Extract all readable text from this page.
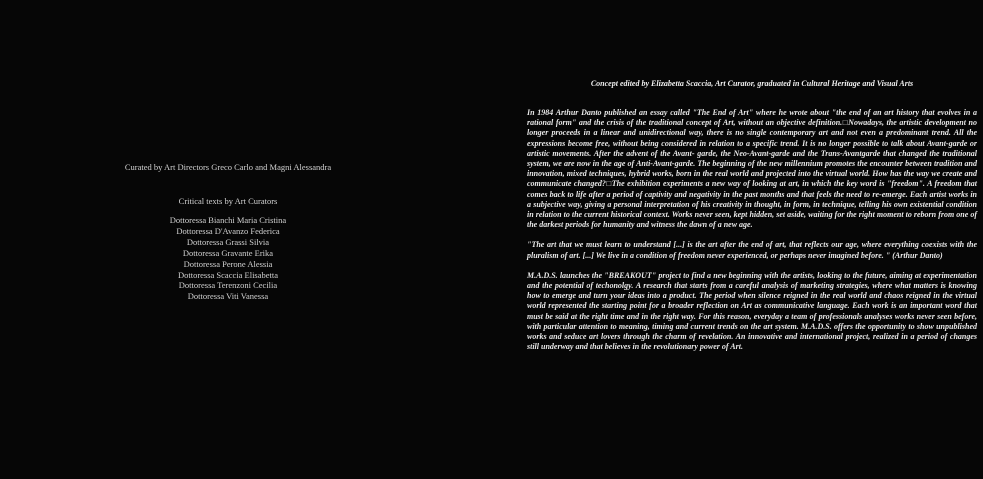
Curated by Art Directors Greco Carlo and Magni Alessandra
Critical texts by Art Curators
Dottoressa Bianchi Maria Cristina
Dottoressa D'Avanzo Federica
Dottoressa Grassi Silvia
Dottoressa Gravante Erika
Dottoressa Perone Alessia
Dottoressa Scaccia Elisabetta
Dottoressa Terenzoni Cecilia
Dottoressa Viti Vanessa
Concept edited by Elizabetta Scaccia, Art Curator, graduated in Cultural Heritage and Visual Arts

In 1984 Arthur Danto published an essay called "The End of Art" where he wrote about "the end of an art history that evolves in a rational form" and the crisis of the traditional concept of Art, without an objective definition.□Nowadays, the artistic development no longer proceeds in a linear and unidirectional way, there is no single contemporary art and not even a predominant trend. All the expressions become free, without being considered in relation to a specific trend. It is no longer possible to talk about Avant-garde or artistic movements. After the advent of the Avant- garde, the Neo-Avant-garde and the Trans-Avantgarde that changed the traditional system, we are now in the age of Anti-Avant-garde. The beginning of the new millennium promotes the encounter between tradition and innovation, mixed techniques, hybrid works, born in the real world and projected into the virtual world. How has the way we create and communicate changed?□The exhibition experiments a new way of looking at art, in which the key word is "freedom". A freedom that comes back to life after a period of captivity and negativity in the past months and that feels the need to re-emerge. Each artist works in a subjective way, giving a personal interpretation of his creativity in thought, in form, in technique, telling his own existential condition in relation to the current historical context. Works never seen, kept hidden, set aside, waiting for the right moment to reborn from one of the darkest periods for humanity and witness the dawn of a new age.

"The art that we must learn to understand [...] is the art after the end of art, that reflects our age, where everything coexists with the pluralism of art. [...] We live in a condition of freedom never experienced, or perhaps never imagined before. " (Arthur Danto)

M.A.D.S. launches the "BREAKOUT" project to find a new beginning with the artists, looking to the future, aiming at experimentation and the potential of techonolgy. A research that starts from a careful analysis of marketing strategies, where what matters is knowing how to emerge and turn your ideas into a product. The period when silence reigned in the real world and chaos reigned in the virtual world represented the starting point for a broader reflection on Art as communicative language. Each work is an important word that must be said at the right time and in the right way. For this reason, everyday a team of professionals analyses works never seen before, with particular attention to meaning, timing and current trends on the art system. M.A.D.S. offers the opportunity to show unpublished works and seduce art lovers through the charm of revelation. An innovative and international project, realized in a period of changes still underway and that believes in the revolutionary power of Art.
